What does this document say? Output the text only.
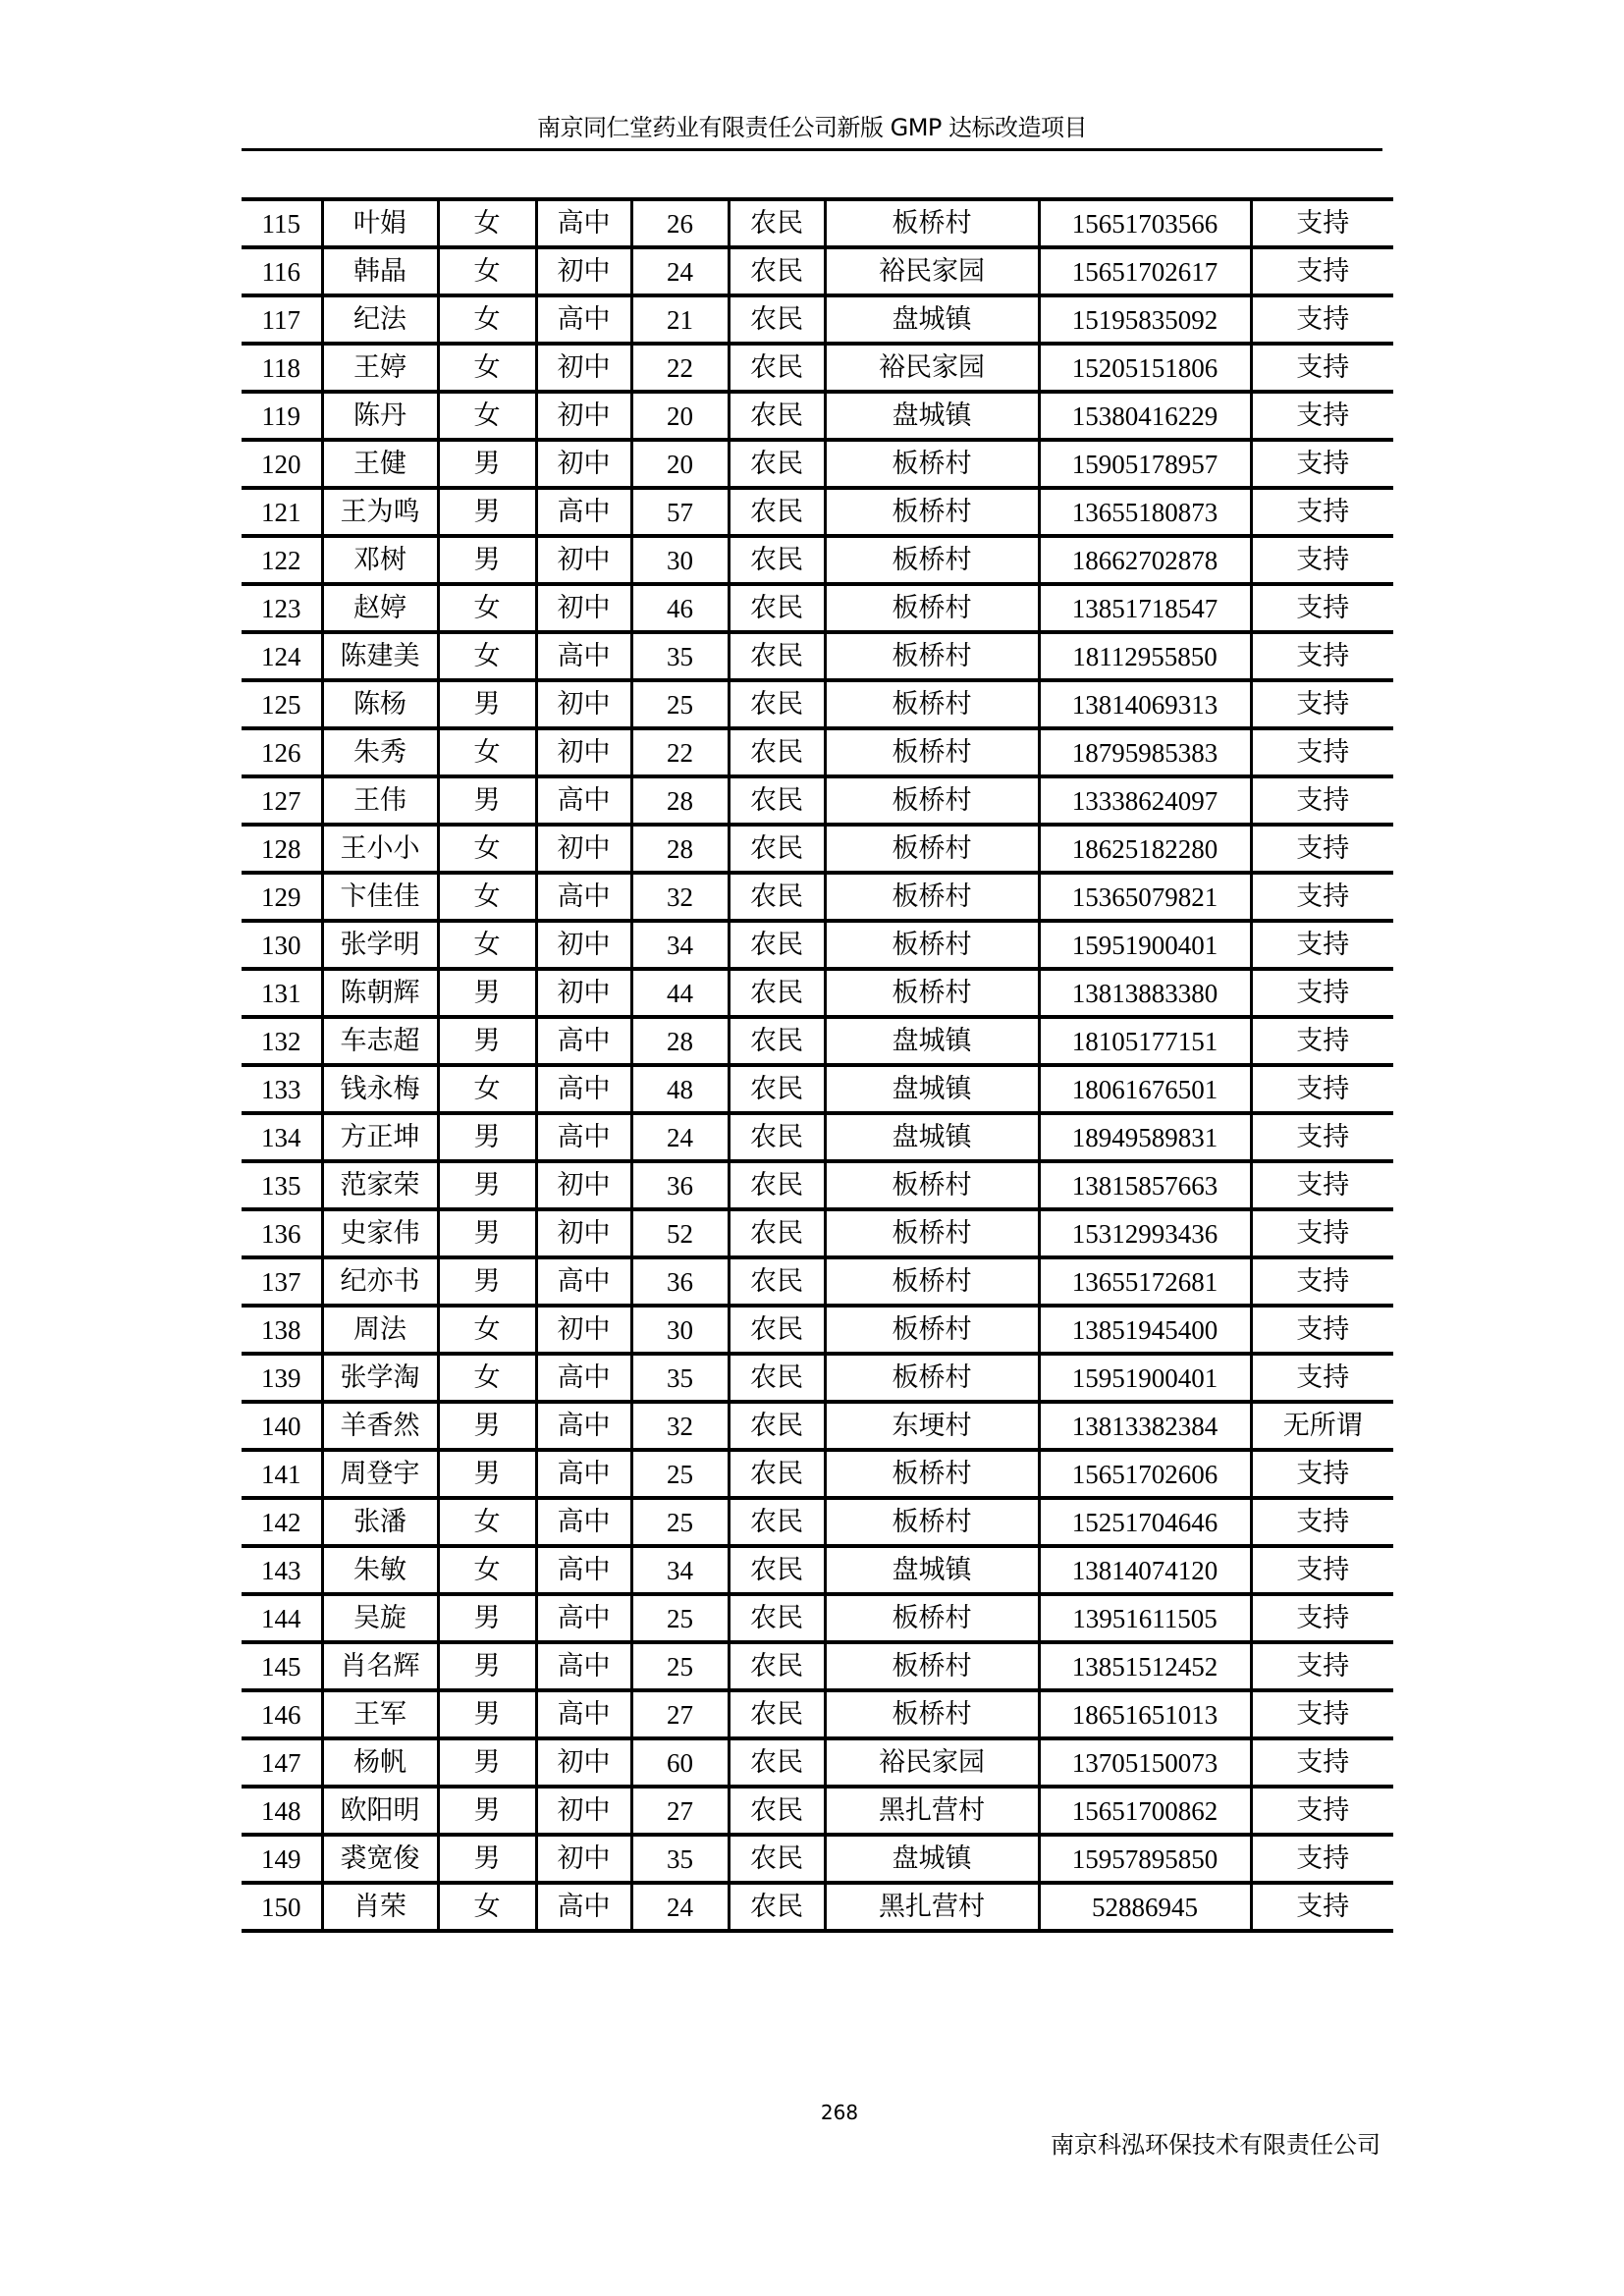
南京同仁堂药业有限责任公司新版 GMP 达标改造项目
115	叶娟	女	高中	26	农民	板桥村	15651703566	支持
116	韩晶	女	初中	24	农民	裕民家园	15651702617	支持
117	纪法	女	高中	21	农民	盘城镇	15195835092	支持
118	王婷	女	初中	22	农民	裕民家园	15205151806	支持
119	陈丹	女	初中	20	农民	盘城镇	15380416229	支持
120	王健	男	初中	20	农民	板桥村	15905178957	支持
121	王为鸣	男	高中	57	农民	板桥村	13655180873	支持
122	邓树	男	初中	30	农民	板桥村	18662702878	支持
123	赵婷	女	初中	46	农民	板桥村	13851718547	支持
124	陈建美	女	高中	35	农民	板桥村	18112955850	支持
125	陈杨	男	初中	25	农民	板桥村	13814069313	支持
126	朱秀	女	初中	22	农民	板桥村	18795985383	支持
127	王伟	男	高中	28	农民	板桥村	13338624097	支持
128	王小小	女	初中	28	农民	板桥村	18625182280	支持
129	卞佳佳	女	高中	32	农民	板桥村	15365079821	支持
130	张学明	女	初中	34	农民	板桥村	15951900401	支持
131	陈朝辉	男	初中	44	农民	板桥村	13813883380	支持
132	车志超	男	高中	28	农民	盘城镇	18105177151	支持
133	钱永梅	女	高中	48	农民	盘城镇	18061676501	支持
134	方正坤	男	高中	24	农民	盘城镇	18949589831	支持
135	范家荣	男	初中	36	农民	板桥村	13815857663	支持
136	史家伟	男	初中	52	农民	板桥村	15312993436	支持
137	纪亦书	男	高中	36	农民	板桥村	13655172681	支持
138	周法	女	初中	30	农民	板桥村	13851945400	支持
139	张学淘	女	高中	35	农民	板桥村	15951900401	支持
140	羊香然	男	高中	32	农民	东埂村	13813382384	无所谓
141	周登宇	男	高中	25	农民	板桥村	15651702606	支持
142	张潘	女	高中	25	农民	板桥村	15251704646	支持
143	朱敏	女	高中	34	农民	盘城镇	13814074120	支持
144	吴旋	男	高中	25	农民	板桥村	13951611505	支持
145	肖名辉	男	高中	25	农民	板桥村	13851512452	支持
146	王军	男	高中	27	农民	板桥村	18651651013	支持
147	杨帆	男	初中	60	农民	裕民家园	13705150073	支持
148	欧阳明	男	初中	27	农民	黑扎营村	15651700862	支持
149	裘宽俊	男	初中	35	农民	盘城镇	15957895850	支持
150	肖荣	女	高中	24	农民	黑扎营村	52886945	支持
268
南京科泓环保技术有限责任公司
